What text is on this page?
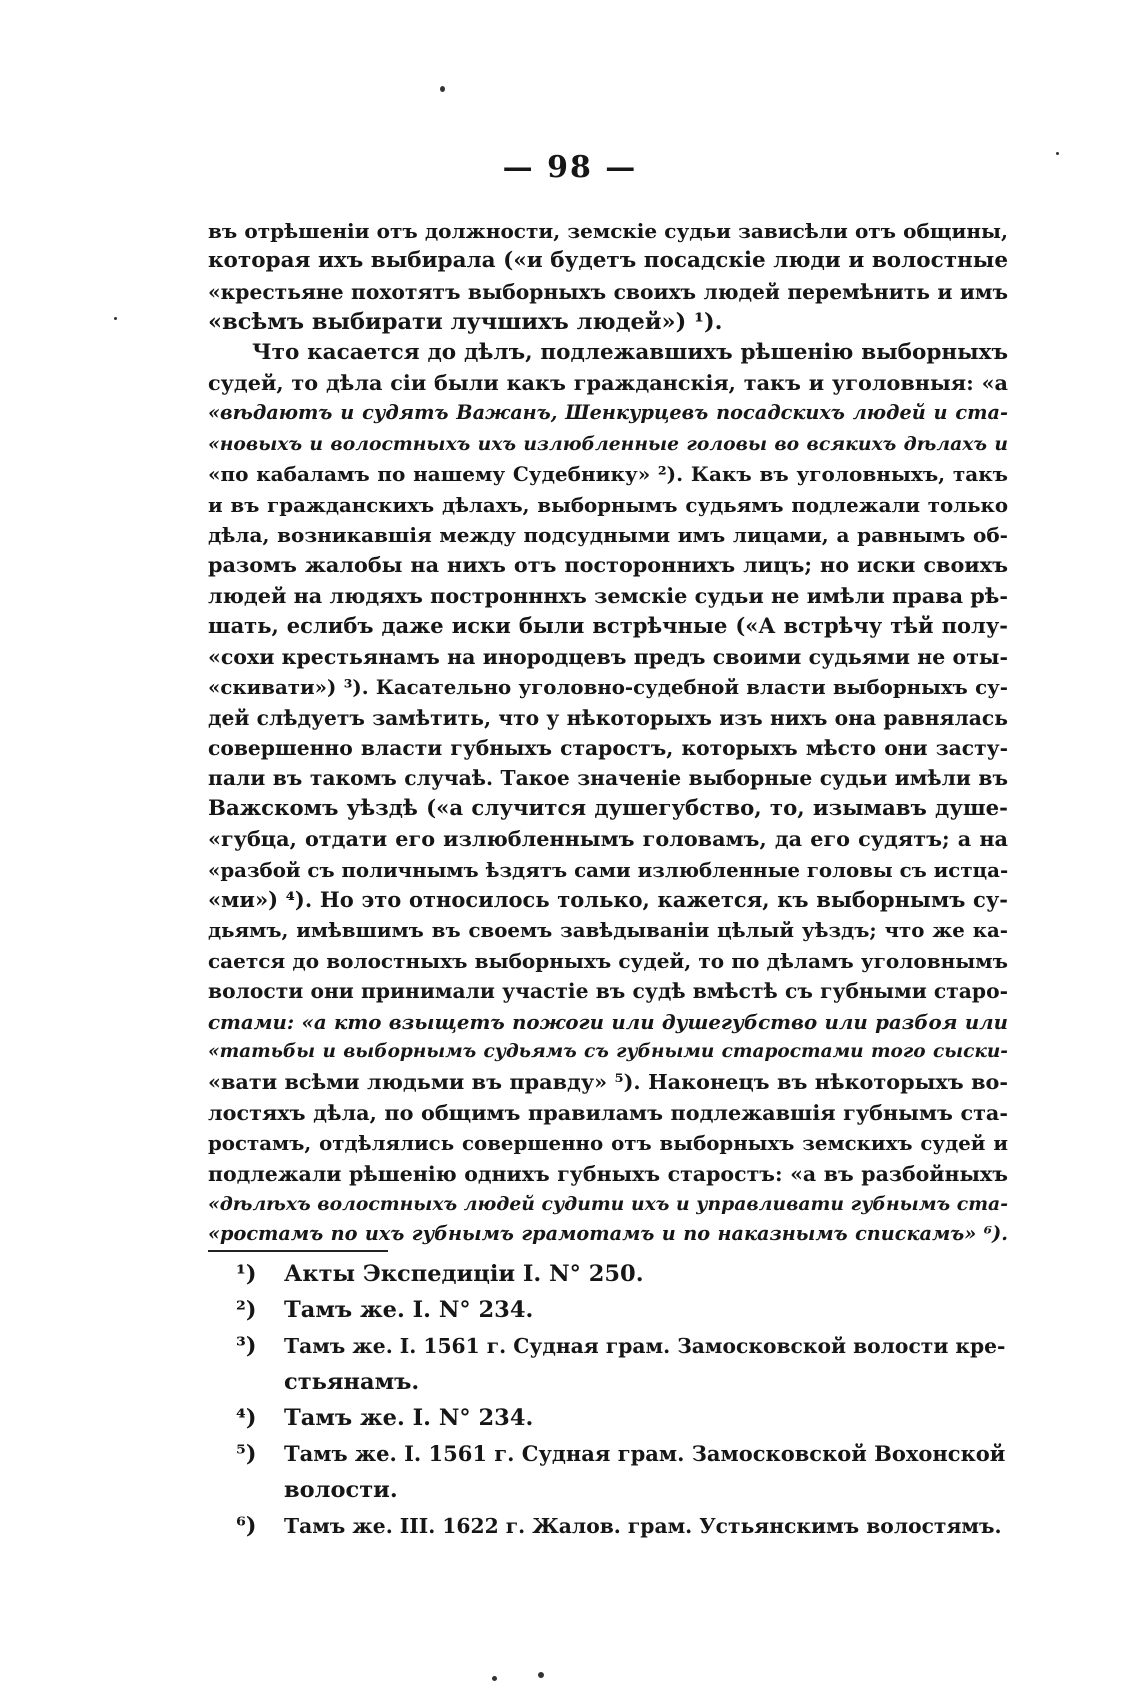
— 98 —
въ отрѣшеніи отъ должности, земскіе судьи зависѣли отъ общины,
которая ихъ выбирала («и будетъ посадскіе люди и волостные
«крестьяне похотятъ выборныхъ своихъ людей перемѣнить и имъ
«всѣмъ выбирати лучшихъ людей») ¹).
Что касается до дѣлъ, подлежавшихъ рѣшенію выборныхъ
судей, то дѣла сіи были какъ гражданскія, такъ и уголовныя: «а
«вѣдаютъ и судятъ Важанъ, Шенкурцевъ посадскихъ людей и ста-
«новыхъ и волостныхъ ихъ излюбленные головы во всякихъ дѣлахъ и
«по кабаламъ по нашему Судебнику» ²). Какъ въ уголовныхъ, такъ
и въ гражданскихъ дѣлахъ, выборнымъ судьямъ подлежали только
дѣла, возникавшія между подсудными имъ лицами, а равнымъ об-
разомъ жалобы на нихъ отъ постороннихъ лицъ; но иски своихъ
людей на людяхъ постронннхъ земскіе судьи не имѣли права рѣ-
шать, еслибъ даже иски были встрѣчные («А встрѣчу тѣй полу-
«сохи крестьянамъ на инородцевъ предъ своими судьями не оты-
«скивати») ³). Касательно уголовно-судебной власти выборныхъ су-
дей слѣдуетъ замѣтить, что у нѣкоторыхъ изъ нихъ она равнялась
совершенно власти губныхъ старостъ, которыхъ мѣсто они засту-
пали въ такомъ случаѣ. Такое значеніе выборные судьи имѣли въ
Важскомъ уѣздѣ («а случится душегубство, то, изымавъ душе-
«губца, отдати его излюбленнымъ головамъ, да его судятъ; а на
«разбой съ поличнымъ ѣздятъ сами излюбленные головы съ истца-
«ми») ⁴). Но это относилось только, кажется, къ выборнымъ су-
дьямъ, имѣвшимъ въ своемъ завѣдываніи цѣлый уѣздъ; что же ка-
сается до волостныхъ выборныхъ судей, то по дѣламъ уголовнымъ
волости они принимали участіе въ судѣ вмѣстѣ съ губными старо-
стами: «а кто взыщетъ пожоги или душегубство или разбоя или
«татьбы и выборнымъ судьямъ съ губными старостами того сыски-
«вати всѣми людьми въ правду» ⁵). Наконецъ въ нѣкоторыхъ во-
лостяхъ дѣла, по общимъ правиламъ подлежавшія губнымъ ста-
ростамъ, отдѣлялись совершенно отъ выборныхъ земскихъ судей и
подлежали рѣшенію однихъ губныхъ старостъ: «а въ разбойныхъ
«дѣлѣхъ волостныхъ людей судити ихъ и управливати губнымъ ста-
«ростамъ по ихъ губнымъ грамотамъ и по наказнымъ спискамъ» ⁶).
¹) Акты Экспедиціи I. N° 250.
²) Тамъ же. I. N° 234.
³) Тамъ же. I. 1561 г. Судная грам. Замосковской волости кре-
стьянамъ.
⁴) Тамъ же. I. N° 234.
⁵) Тамъ же. I. 1561 г. Судная грам. Замосковской Вохонской
волости.
⁶) Тамъ же. III. 1622 г. Жалов. грам. Устьянскимъ волостямъ.
